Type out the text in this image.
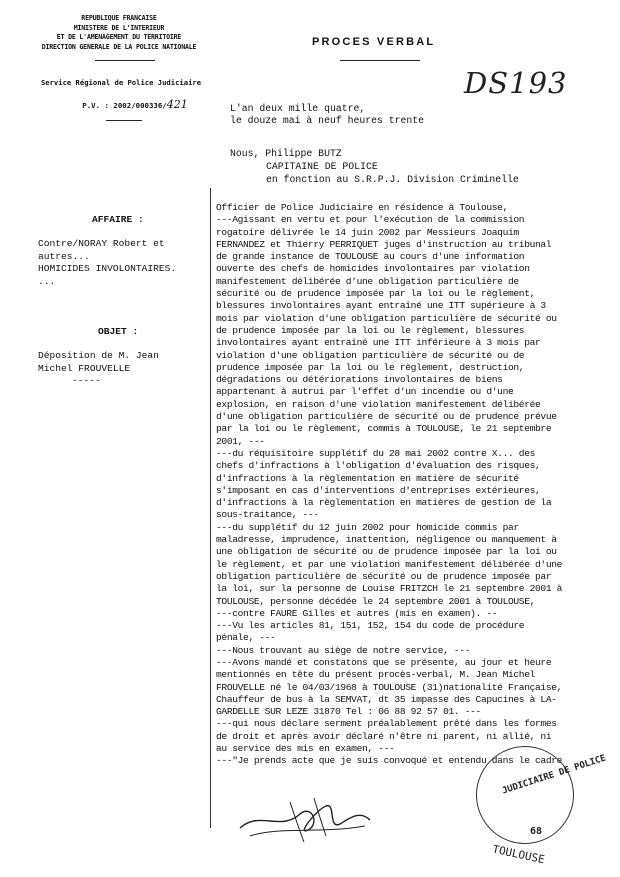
REPUBLIQUE FRANCAISE
MINISTERE DE L'INTERIEUR
ET DE L'AMENAGEMENT DU TERRITOIRE
DIRECTION GENERALE DE LA POLICE NATIONALE
Service Régional de Police Judiciaire
P.V. : 2002/000336/421
PROCES VERBAL
DS193
L'an deux mille quatre,
le douze mai à neuf heures trente
Nous, Philippe BUTZ
CAPITAINE DE POLICE
en fonction au S.R.P.J. Division Criminelle
AFFAIRE :
Contre/NORAY Robert et
autres...
HOMICIDES INVOLONTAIRES.
...
OBJET :
Déposition de M. Jean
Michel FROUVELLE
-----
Officier de Police Judiciaire en résidence à Toulouse,
---Agissant en vertu et pour l'exécution de la commission
rogatoire délivrée le 14 juin 2002 par Messieurs Joaquim
FERNANDEZ et Thierry PERRIQUET juges d'instruction au tribunal
de grande instance de TOULOUSE au cours d'une information
ouverte des chefs de homicides involontaires par violation
manifestement délibérée d'une obligation particulière de
sécurité ou de prudence imposée par la loi ou le règlement,
blessures involontaires ayant entraîné une ITT supérieure à 3
mois par violation d'une obligation particulière de sécurité ou
de prudence imposée par la loi ou le règlement, blessures
involontaires ayant entraîné une ITT inférieure à 3 mois par
violation d'une obligation particulière de sécurité ou de
prudence imposée par la loi ou le règlement, destruction,
dégradations ou détériorations involontaires de biens
appartenant à autrui par l'effet d'un incendie ou d'une
explosion, en raison d'une violation manifestement délibérée
d'une obligation particulière de sécurité ou de prudence prévue
par la loi ou le règlement, commis à TOULOUSE, le 21 septembre
2001, ---
---du réquisitoire supplétif du 28 mai 2002 contre X... des
chefs d'infractions à l'obligation d'évaluation des risques,
d'infractions à la règlementation en matière de sécurité
s'imposant en cas d'interventions d'entreprises extérieures,
d'infractions à la règlementation en matières de gestion de la
sous-traitance, ---
---du supplétif du 12 juin 2002 pour homicide commis par
maladresse, imprudence, inattention, négligence ou manquement à
une obligation de sécurité ou de prudence imposée par la loi ou
le règlement, et par une violation manifestement délibérée d'une
obligation particulière de sécurité ou de prudence imposée par
la loi, sur la personne de Louise FRITZCH le 21 septembre 2001 à
TOULOUSE, personne décédée le 24 septembre 2001 à TOULOUSE,
---contre FAURE Gilles et autres (mis en examen). --
---Vu les articles 81, 151, 152, 154 du code de procédure
pénale, ---
---Nous trouvant au siège de notre service, ---
---Avons mandé et constatons que se présente, au jour et heure
mentionnés en tête du présent procès-verbal, M. Jean Michel
FROUVELLE né le 04/03/1968 à TOULOUSE (31)nationalité Française,
Chauffeur de bus à la SEMVAT, dt 35 impasse des Capucines à LA-
GARDELLE SUR LEZE 31870 Tel : 06 88 92 57 01. ---
---qui nous déclare serment préalablement prêté dans les formes
de droit et après avoir déclaré n'être ni parent, ni allié, ni
au service des mis en examen, ---
---"Je prends acte que je suis convoqué et entendu dans le cadre
JUDICIAIRE DE POLICE
68
TOULOUSE
